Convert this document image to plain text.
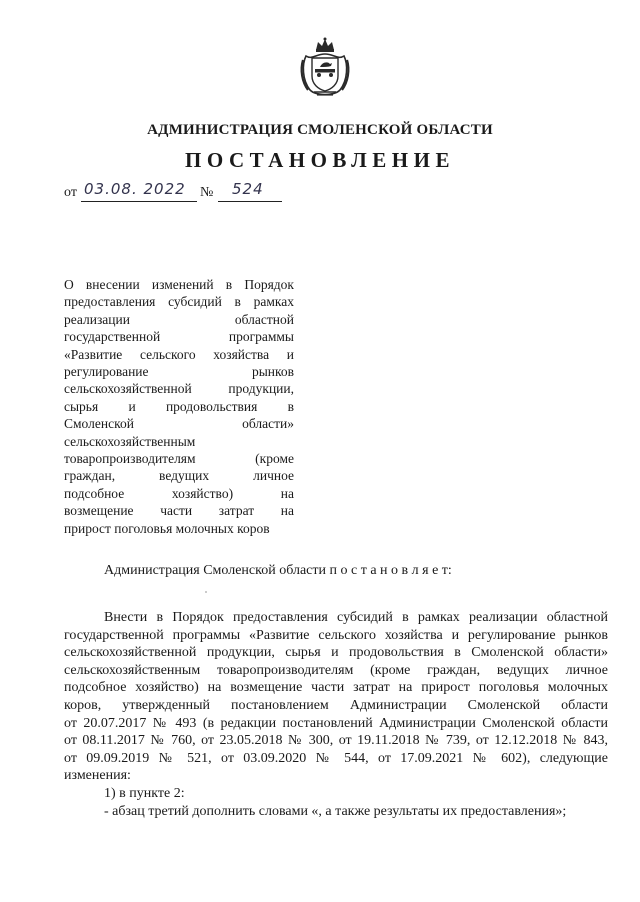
АДМИНИСТРАЦИЯ СМОЛЕНСКОЙ ОБЛАСТИ
ПОСТАНОВЛЕНИЕ
от 03.08. 2022 № 524
О внесении изменений в Порядок
предоставления субсидий в рамках
реализации областной
государственной программы
«Развитие сельского хозяйства и
регулирование рынков
сельскохозяйственной продукции,
сырья и продовольствия в
Смоленской области»
сельскохозяйственным
товаропроизводителям (кроме
граждан, ведущих личное
подсобное хозяйство) на
возмещение части затрат на
прирост поголовья молочных коров
Администрация Смоленской области п о с т а н о в л я е т:
Внести в Порядок предоставления субсидий в рамках реализации областной
государственной программы «Развитие сельского хозяйства и регулирование рынков
сельскохозяйственной продукции, сырья и продовольствия в Смоленской области»
сельскохозяйственным товаропроизводителям (кроме граждан, ведущих личное
подсобное хозяйство) на возмещение части затрат на прирост поголовья молочных
коров, утвержденный постановлением Администрации Смоленской области
от 20.07.2017 № 493 (в редакции постановлений Администрации Смоленской области
от 08.11.2017 № 760, от 23.05.2018 № 300, от 19.11.2018 № 739, от 12.12.2018 № 843,
от 09.09.2019 № 521, от 03.09.2020 № 544, от 17.09.2021 № 602), следующие
изменения:
1) в пункте 2:
- абзац третий дополнить словами «, а также результаты их предоставления»;
